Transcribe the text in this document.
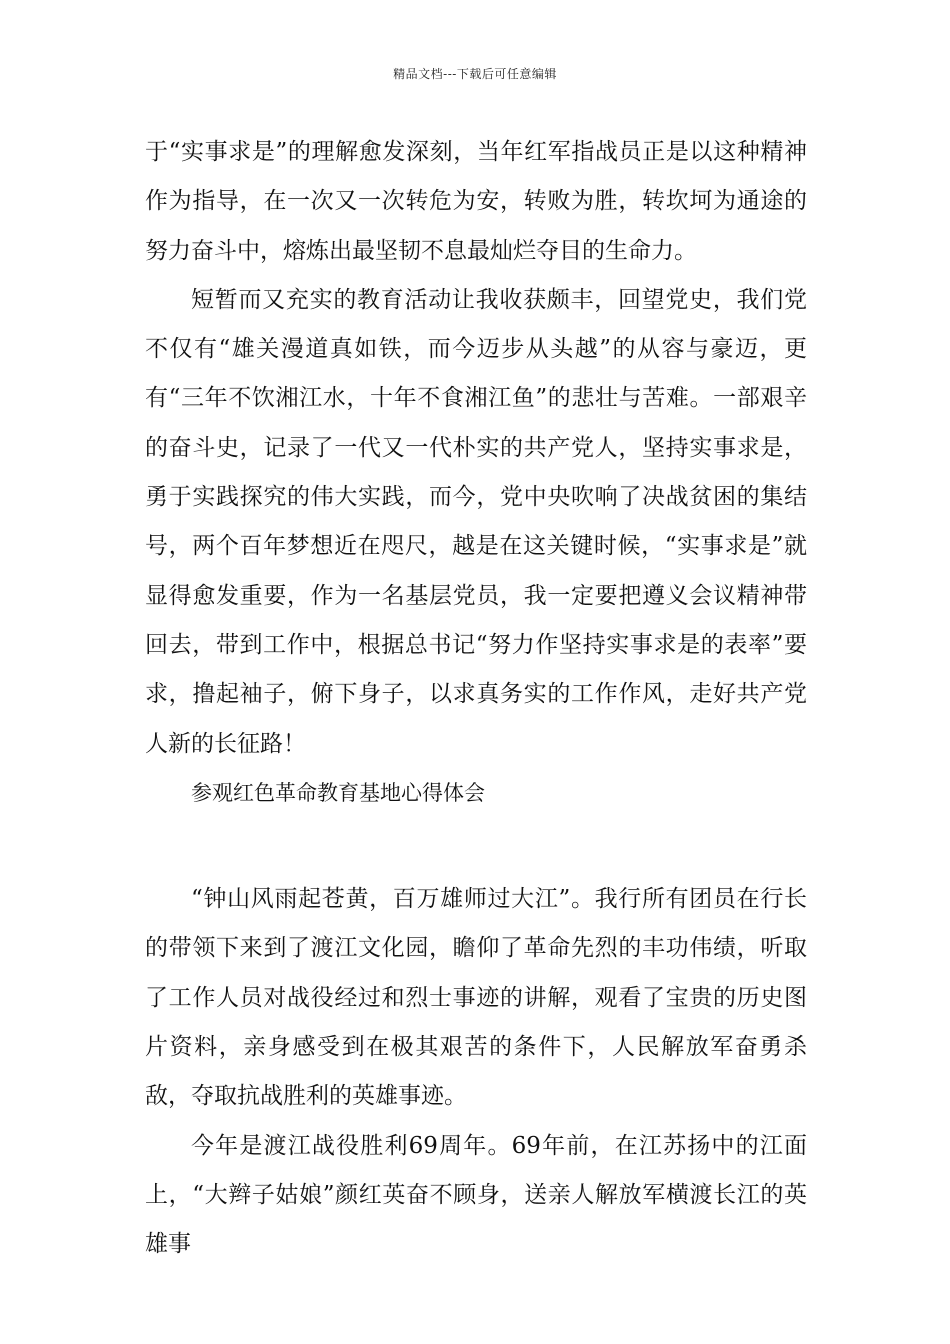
精品文档---下载后可任意编辑

于“实事求是”的理解愈发深刻，当年红军指战员正是以这种精神作为指导，在一次又一次转危为安，转败为胜，转坎坷为通途的努力奋斗中，熔炼出最坚韧不息最灿烂夺目的生命力。

短暂而又充实的教育活动让我收获颇丰，回望党史，我们党不仅有“雄关漫道真如铁，而今迈步从头越”的从容与豪迈，更有“三年不饮湘江水，十年不食湘江鱼”的悲壮与苦难。一部艰辛的奋斗史，记录了一代又一代朴实的共产党人，坚持实事求是，勇于实践探究的伟大实践，而今，党中央吹响了决战贫困的集结号，两个百年梦想近在咫尺，越是在这关键时候，“实事求是”就显得愈发重要，作为一名基层党员，我一定要把遵义会议精神带回去，带到工作中，根据总书记“努力作坚持实事求是的表率”要求，撸起袖子，俯下身子，以求真务实的工作作风，走好共产党人新的长征路！

参观红色革命教育基地心得体会

“钟山风雨起苍黄，百万雄师过大江”。我行所有团员在行长的带领下来到了渡江文化园，瞻仰了革命先烈的丰功伟绩，听取了工作人员对战役经过和烈士事迹的讲解，观看了宝贵的历史图片资料，亲身感受到在极其艰苦的条件下，人民解放军奋勇杀敌，夺取抗战胜利的英雄事迹。

今年是渡江战役胜利69周年。69年前，在江苏扬中的江面上，“大辫子姑娘”颜红英奋不顾身，送亲人解放军横渡长江的英雄事
